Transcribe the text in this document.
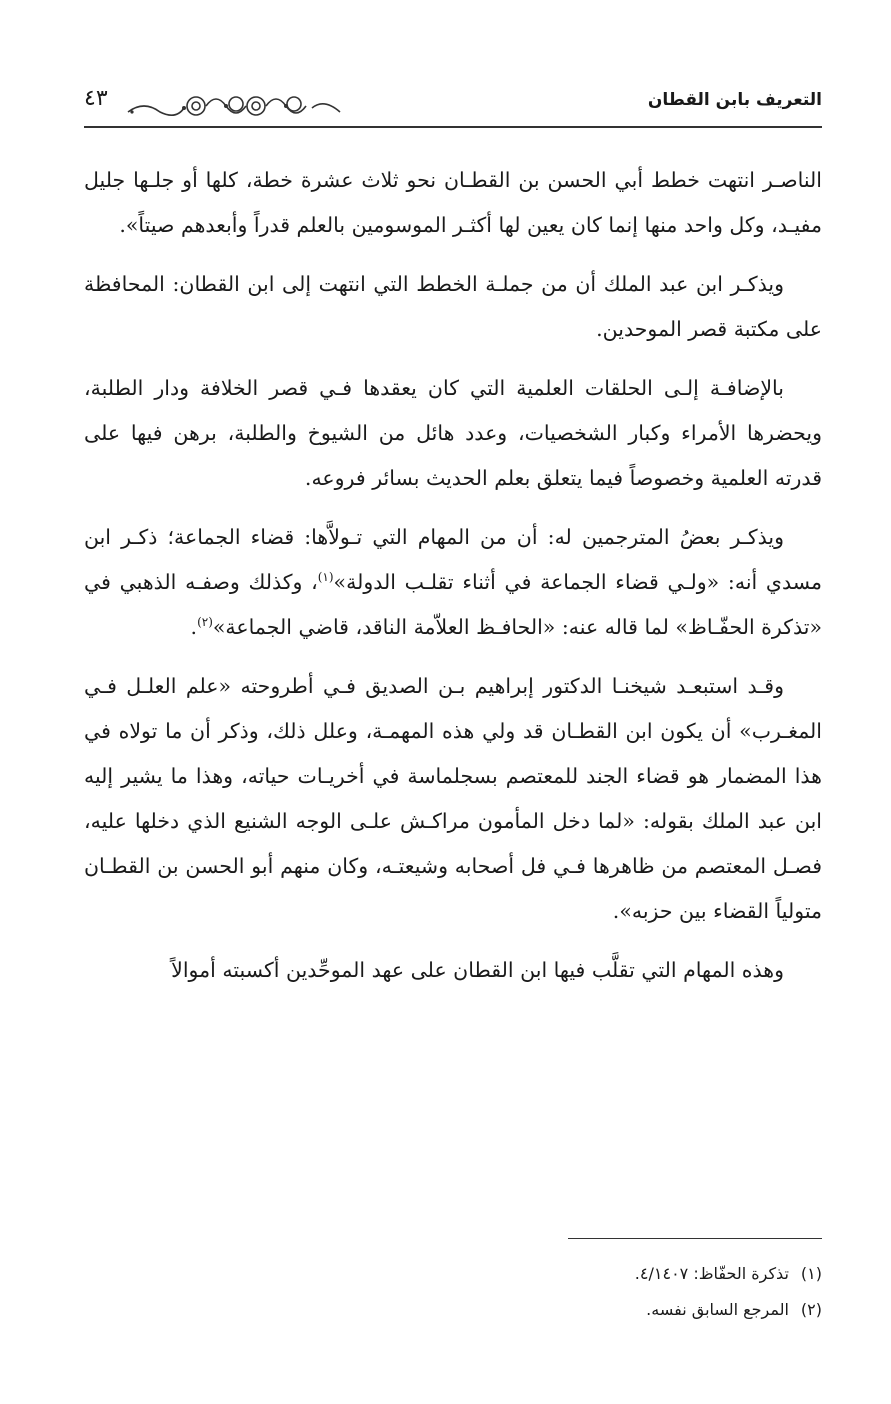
التعريف بابن القطان
٤٣

الناصـر انتهت خطط أبي الحسن بن القطـان نحو ثلاث عشرة خطة، كلها أو جلـها جليل مفيـد، وكل واحد منها إنما كان يعين لها أكثـر الموسومين بالعلم قدراً وأبعدهم صيتاً».

ويذكـر ابن عبد الملك أن من جملـة الخطط التي انتهت إلى ابن القطان: المحافظة على مكتبة قصر الموحدين.

بالإضافـة إلـى الحلقات العلمية التي كان يعقدها فـي قصر الخلافة ودار الطلبة، ويحضرها الأمراء وكبار الشخصيات، وعدد هائل من الشيوخ والطلبة، برهن فيها على قدرته العلمية وخصوصاً فيما يتعلق بعلم الحديث بسائر فروعه.

ويذكـر بعضُ المترجمين له: أن من المهام التي تـولاَّها: قضاء الجماعة؛ ذكـر ابن مسدي أنه: «ولـي قضاء الجماعة في أثناء تقلـب الدولة»$^{(١)}$، وكذلك وصفـه الذهبي في «تذكرة الحفّـاظ» لما قاله عنه: «الحافـظ العلاّمة الناقد، قاضي الجماعة»$^{(٢)}$.

وقـد استبعـد شيخنـا الدكتور إبراهيم بـن الصديق فـي أطروحته «علم العلـل فـي المغـرب» أن يكون ابن القطـان قد ولي هذه المهمـة، وعلل ذلك، وذكر أن ما تولاه في هذا المضمار هو قضاء الجند للمعتصم بسجلماسة في أخريـات حياته، وهذا ما يشير إليه ابن عبد الملك بقوله: «لما دخل المأمون مراكـش علـى الوجه الشنيع الذي دخلها عليه، فصـل المعتصم من ظاهرها فـي فل أصحابه وشيعتـه، وكان منهم أبو الحسن بن القطـان متولياً القضاء بين حزبه».

وهذه المهام التي تقلَّب فيها ابن القطان على عهد الموحِّدين أكسبته أموالاً

(١)تذكرة الحفّاظ: ٤/١٤٠٧.
(٢)المرجع السابق نفسه.
